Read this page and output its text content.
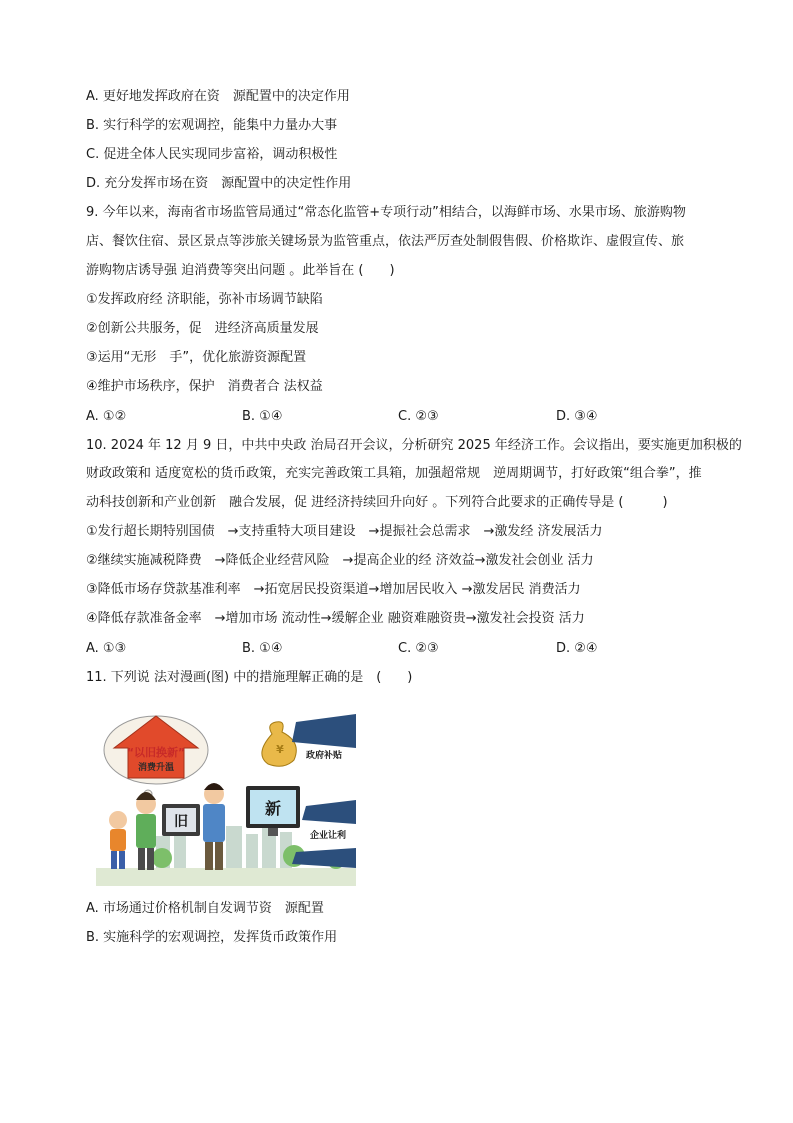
A. 更好地发挥政府在资　源配置中的决定作用
B. 实行科学的宏观调控，能集中力量办大事
C. 促进全体人民实现同步富裕，调动积极性
D. 充分发挥市场在资　源配置中的决定性作用
9. 今年以来，海南省市场监管局通过“常态化监管+专项行动”相结合，以海鲜市场、水果市场、旅游购物
店、餐饮住宿、景区景点等涉旅关键场景为监管重点，依法严厉查处制假售假、价格欺诈、虚假宣传、旅
游购物店诱导强 迫消费等突出问题 。此举旨在 (　　)
①发挥政府经 济职能，弥补市场调节缺陷
②创新公共服务，促　进经济高质量发展
③运用“无形　手”，优化旅游资源配置
④维护市场秩序，保护　消费者合 法权益
A. ①②	B. ①④	C. ②③	D. ③④
10. 2024 年 12 月 9 日，中共中央政 治局召开会议，分析研究 2025 年经济工作。会议指出，要实施更加积极的
财政政策和 适度宽松的货币政策，充实完善政策工具箱，加强超常规　逆周期调节，打好政策“组合拳”，推
动科技创新和产业创新　融合发展，促 进经济持续回升向好 。下列符合此要求的正确传导是 (　　　)
①发行超长期特别国债　→支持重特大项目建设　→提振社会总需求　→激发经 济发展活力
②继续实施减税降费　→降低企业经营风险　→提高企业的经 济效益→激发社会创业 活力
③降低市场存贷款基准利率　→拓宽居民投资渠道→增加居民收入 →激发居民 消费活力
④降低存款准备金率　→增加市场 流动性→缓解企业 融资难融资贵→激发社会投资 活力
A. ①③	B. ①④	C. ②③	D. ②④
11. 下列说 法对漫画(图) 中的措施理解正确的是　(　　)
“以旧换新”
消费升温
¥ 政府补贴
新
企业让利
旧
A. 市场通过价格机制自发调节资　源配置
B. 实施科学的宏观调控，发挥货币政策作用
